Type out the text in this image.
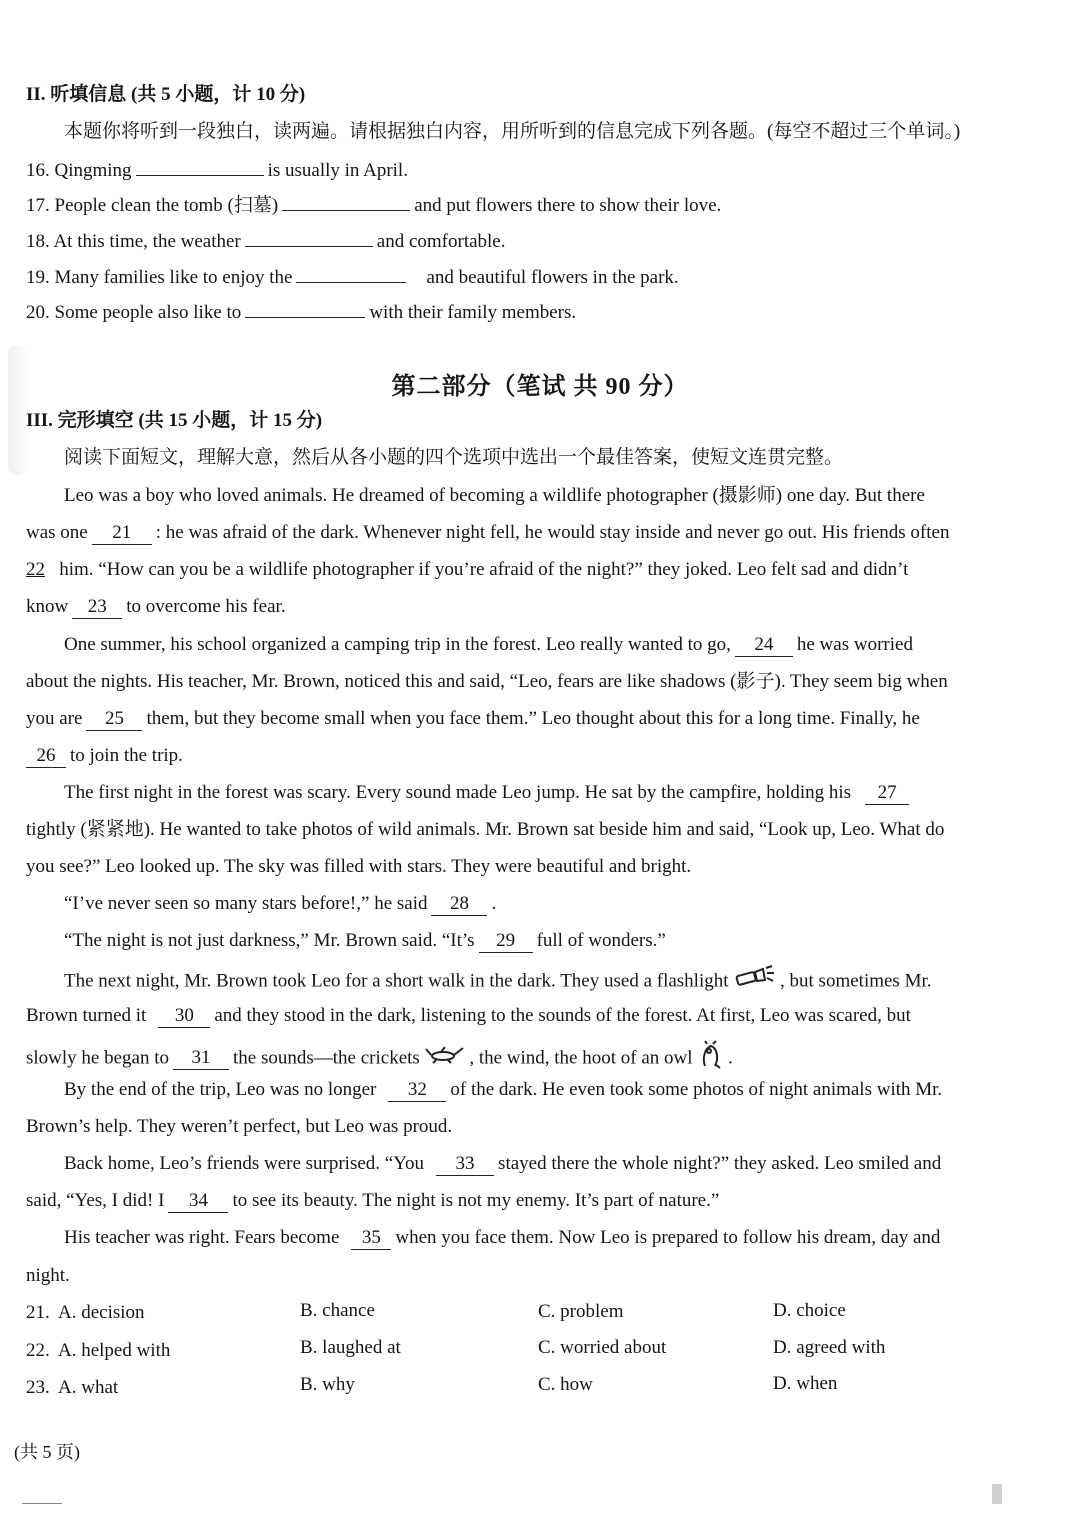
II. 听填信息 (共 5 小题，计 10 分)
本题你将听到一段独白，读两遍。请根据独白内容，用所听到的信息完成下列各题。(每空不超过三个单词。)
16. Qingming	is usually in April.
17. People clean the tomb (扫墓)	and put flowers there to show their love.
18. At this time, the weather	and comfortable.
19. Many families like to enjoy the	and beautiful flowers in the park.
20. Some people also like to	with their family members.
第二部分（笔试 共 90 分）
III. 完形填空 (共 15 小题，计 15 分)
阅读下面短文，理解大意，然后从各小题的四个选项中选出一个最佳答案，使短文连贯完整。
Leo was a boy who loved animals. He dreamed of becoming a wildlife photographer (摄影师) one day. But there
was one 21 : he was afraid of the dark. Whenever night fell, he would stay inside and never go out. His friends often
22 him. “How can you be a wildlife photographer if you’re afraid of the night?” they joked. Leo felt sad and didn’t
know 23 to overcome his fear.
One summer, his school organized a camping trip in the forest. Leo really wanted to go, 24 he was worried
about the nights. His teacher, Mr. Brown, noticed this and said, “Leo, fears are like shadows (影子). They seem big when
you are 25 them, but they become small when you face them.” Leo thought about this for a long time. Finally, he
26 to join the trip.
The first night in the forest was scary. Every sound made Leo jump. He sat by the campfire, holding his 27
tightly (紧紧地). He wanted to take photos of wild animals. Mr. Brown sat beside him and said, “Look up, Leo. What do
you see?” Leo looked up. The sky was filled with stars. They were beautiful and bright.
“I’ve never seen so many stars before!,” he said 28 .
“The night is not just darkness,” Mr. Brown said. “It’s 29 full of wonders.”
The next night, Mr. Brown took Leo for a short walk in the dark. They used a flashlight	, but sometimes Mr.
Brown turned it 30 and they stood in the dark, listening to the sounds of the forest. At first, Leo was scared, but
slowly he began to 31 the sounds—the crickets	, the wind, the hoot of an owl .
By the end of the trip, Leo was no longer 32 of the dark. He even took some photos of night animals with Mr.
Brown’s help. They weren’t perfect, but Leo was proud.
Back home, Leo’s friends were surprised. “You 33 stayed there the whole night?” they asked. Leo smiled and
said, “Yes, I did! I 34 to see its beauty. The night is not my enemy. It’s part of nature.”
His teacher was right. Fears become 35 when you face them. Now Leo is prepared to follow his dream, day and
night.
21. A. decision	B. chance	C. problem	D. choice
22. A. helped with	B. laughed at	C. worried about	D. agreed with
23. A. what	B. why	C. how	D. when
(共 5 页)
